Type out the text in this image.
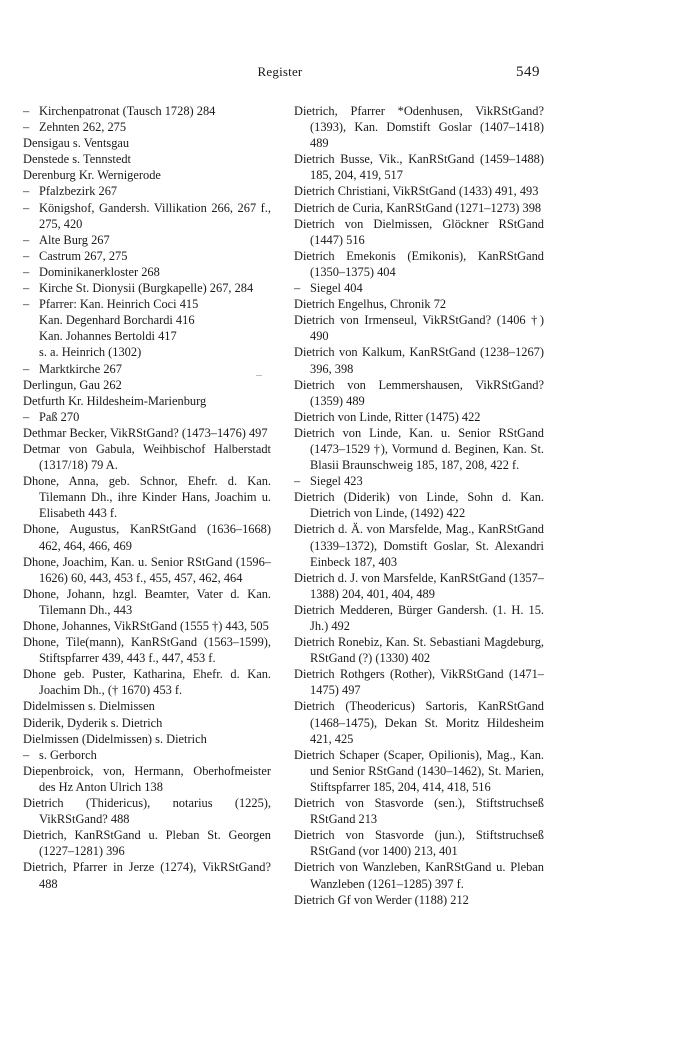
Register	549

– Kirchenpatronat (Tausch 1728) 284

– Zehnten 262, 275

Densigau s. Ventsgau

Denstede s. Tennstedt

Derenburg Kr. Wernigerode

– Pfalzbezirk 267

– Königshof, Gandersh. Villikation 266, 267 f., 275, 420

– Alte Burg 267

– Castrum 267, 275

– Dominikanerkloster 268

– Kirche St. Dionysii (Burgkapelle) 267, 284

– Pfarrer: Kan. Heinrich Coci 415

Kan. Degenhard Borchardi 416

Kan. Johannes Bertoldi 417

s. a. Heinrich (1302)

– Marktkirche 267

Derlingun, Gau 262

Detfurth Kr. Hildesheim-Marienburg

– Paß 270

Dethmar Becker, VikRStGand? (1473–1476) 497

Detmar von Gabula, Weihbischof Halberstadt (1317/18) 79 A.

Dhone, Anna, geb. Schnor, Ehefr. d. Kan. Tilemann Dh., ihre Kinder Hans, Joachim u. Elisabeth 443 f.

Dhone, Augustus, KanRStGand (1636–1668) 462, 464, 466, 469

Dhone, Joachim, Kan. u. Senior RStGand (1596–1626) 60, 443, 453 f., 455, 457, 462, 464

Dhone, Johann, hzgl. Beamter, Vater d. Kan. Tilemann Dh., 443

Dhone, Johannes, VikRStGand (1555 †) 443, 505

Dhone, Tile(mann), KanRStGand (1563–1599), Stiftspfarrer 439, 443 f., 447, 453 f.

Dhone geb. Puster, Katharina, Ehefr. d. Kan. Joachim Dh., († 1670) 453 f.

Didelmissen s. Dielmissen

Diderik, Dyderik s. Dietrich

Dielmissen (Didelmissen) s. Dietrich

– s. Gerborch

Diepenbroick, von, Hermann, Oberhofmeister des Hz Anton Ulrich 138

Dietrich (Thidericus), notarius (1225), VikRStGand? 488

Dietrich, KanRStGand u. Pleban St. Georgen (1227–1281) 396

Dietrich, Pfarrer in Jerze (1274), VikRStGand? 488

Dietrich, Pfarrer *Odenhusen, VikRStGand? (1393), Kan. Domstift Goslar (1407–1418) 489

Dietrich Busse, Vik., KanRStGand (1459–1488) 185, 204, 419, 517

Dietrich Christiani, VikRStGand (1433) 491, 493

Dietrich de Curia, KanRStGand (1271–1273) 398

Dietrich von Dielmissen, Glöckner RStGand (1447) 516

Dietrich Emekonis (Emikonis), KanRStGand (1350–1375) 404

– Siegel 404

Dietrich Engelhus, Chronik 72

Dietrich von Irmenseul, VikRStGand? (1406 †) 490

Dietrich von Kalkum, KanRStGand (1238–1267) 396, 398

Dietrich von Lemmershausen, VikRStGand? (1359) 489

Dietrich von Linde, Ritter (1475) 422

Dietrich von Linde, Kan. u. Senior RStGand (1473–1529 †), Vormund d. Beginen, Kan. St. Blasii Braunschweig 185, 187, 208, 422 f.

– Siegel 423

Dietrich (Diderik) von Linde, Sohn d. Kan. Dietrich von Linde, (1492) 422

Dietrich d. Ä. von Marsfelde, Mag., KanRStGand (1339–1372), Domstift Goslar, St. Alexandri Einbeck 187, 403

Dietrich d. J. von Marsfelde, KanRStGand (1357–1388) 204, 401, 404, 489

Dietrich Medderen, Bürger Gandersh. (1. H. 15. Jh.) 492

Dietrich Ronebiz, Kan. St. Sebastiani Magdeburg, RStGand (?) (1330) 402

Dietrich Rothgers (Rother), VikRStGand (1471–1475) 497

Dietrich (Theodericus) Sartoris, KanRStGand (1468–1475), Dekan St. Moritz Hildesheim 421, 425

Dietrich Schaper (Scaper, Opilionis), Mag., Kan. und Senior RStGand (1430–1462), St. Marien, Stiftspfarrer 185, 204, 414, 418, 516

Dietrich von Stasvorde (sen.), Stiftstruchseß RStGand 213

Dietrich von Stasvorde (jun.), Stiftstruchseß RStGand (vor 1400) 213, 401

Dietrich von Wanzleben, KanRStGand u. Pleban Wanzleben (1261–1285) 397 f.

Dietrich Gf von Werder (1188) 212
